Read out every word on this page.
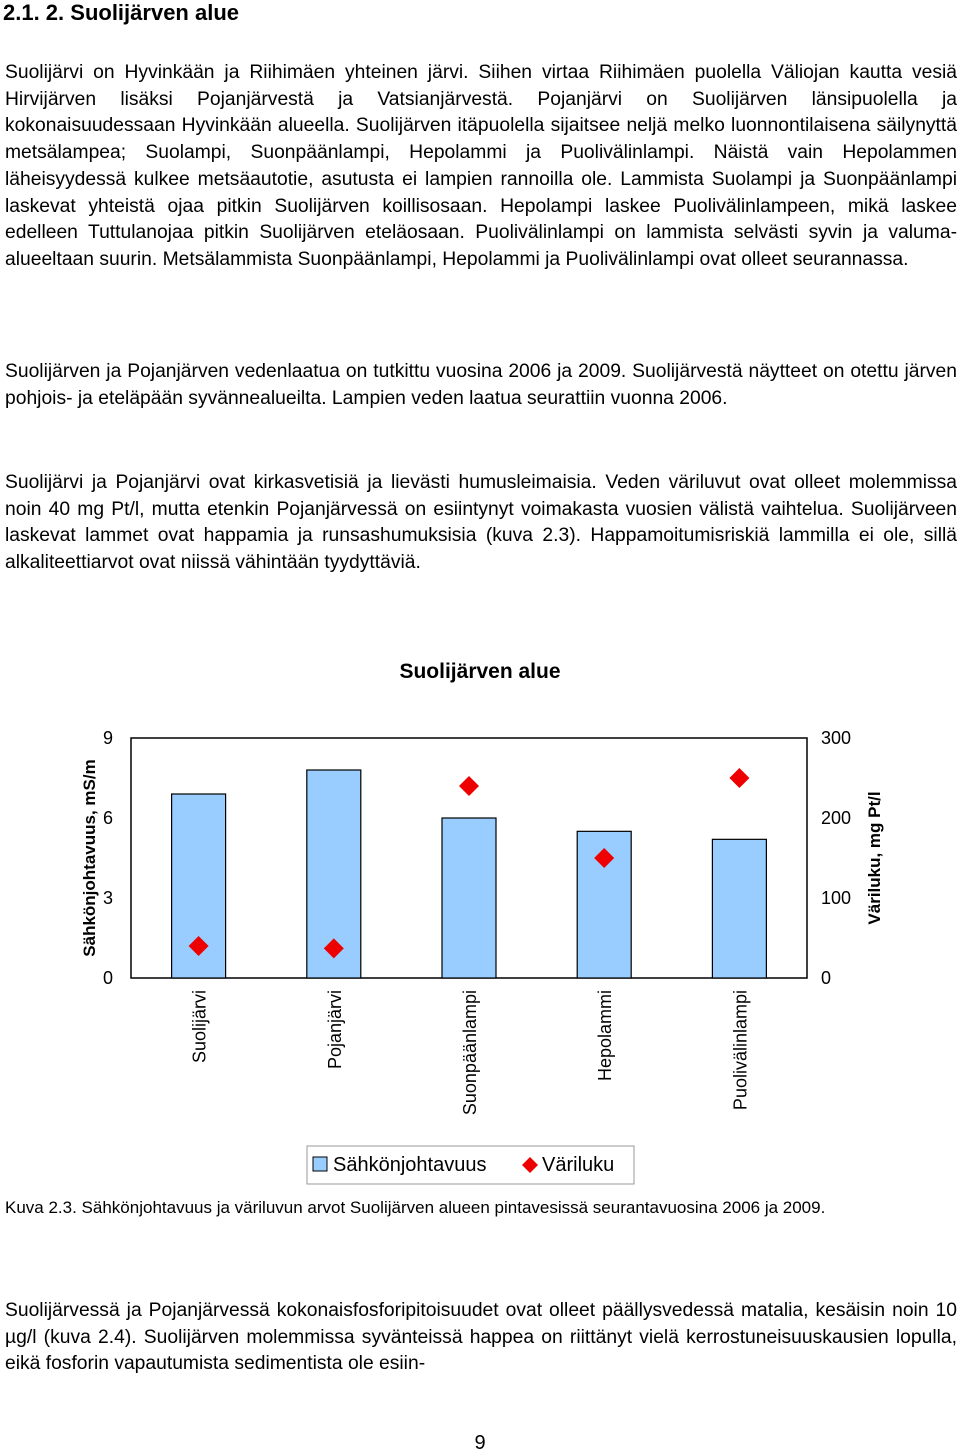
2.1. 2. Suolijärven alue

Suolijärvi on Hyvinkään ja Riihimäen yhteinen järvi. Siihen virtaa Riihimäen puolella Väliojan kautta vesiä Hirvijärven lisäksi Pojanjärvestä ja Vatsianjärvestä. Pojanjärvi on Suolijärven länsipuolella ja kokonaisuudessaan Hyvinkään alueella. Suolijärven itäpuolella sijaitsee neljä melko luonnontilaisena säilynyttä metsälampea; Suolampi, Suonpäänlampi, Hepolammi ja Puolivälinlampi. Näistä vain Hepolammen läheisyydessä kulkee metsäautotie, asutusta ei lampien rannoilla ole. Lammista Suolampi ja Suonpäänlampi laskevat yhteistä ojaa pitkin Suolijärven koillisosaan. Hepolampi laskee Puolivälinlampeen, mikä laskee edelleen Tuttulanojaa pitkin Suolijärven eteläosaan. Puolivälinlampi on lammista selvästi syvin ja valuma-alueeltaan suurin. Metsälammista Suonpäänlampi, Hepolammi ja Puolivälinlampi ovat olleet seurannassa.

Suolijärven ja Pojanjärven vedenlaatua on tutkittu vuosina 2006 ja 2009. Suolijärvestä näytteet on otettu järven pohjois- ja eteläpään syvännealueilta. Lampien veden laatua seurattiin vuonna 2006.

Suolijärvi ja Pojanjärvi ovat kirkasvetisiä ja lievästi humusleimaisia. Veden väriluvut ovat olleet molemmissa noin 40 mg Pt/l, mutta etenkin Pojanjärvessä on esiintynyt voimakasta vuosien välistä vaihtelua. Suolijärveen laskevat lammet ovat happamia ja runsashumuksisia (kuva 2.3). Happamoitumisriskiä lammilla ei ole, sillä alkaliteettiarvot ovat niissä vähintään tyydyttäviä.

Suolijärven alue
0
3
6
9
0
100
200
300
Suolijärvi	Pojanjärvi	Suonpäänlampi	Hepolammi	Puolivälinlampi
Sähkönjohtavuus, mS/m	Väriluku, mg Pt/l
Sähkönjohtavuus	Väriluku

Kuva 2.3. Sähkönjohtavuus ja väriluvun arvot Suolijärven alueen pintavesissä seurantavuosina 2006 ja 2009.

Suolijärvessä ja Pojanjärvessä kokonaisfosforipitoisuudet ovat olleet päällysvedessä matalia, kesäisin noin 10 µg/l (kuva 2.4). Suolijärven molemmissa syvänteissä happea on riittänyt vielä kerrostuneisuuskausien lopulla, eikä fosforin vapautumista sedimentista ole esiin-

9
